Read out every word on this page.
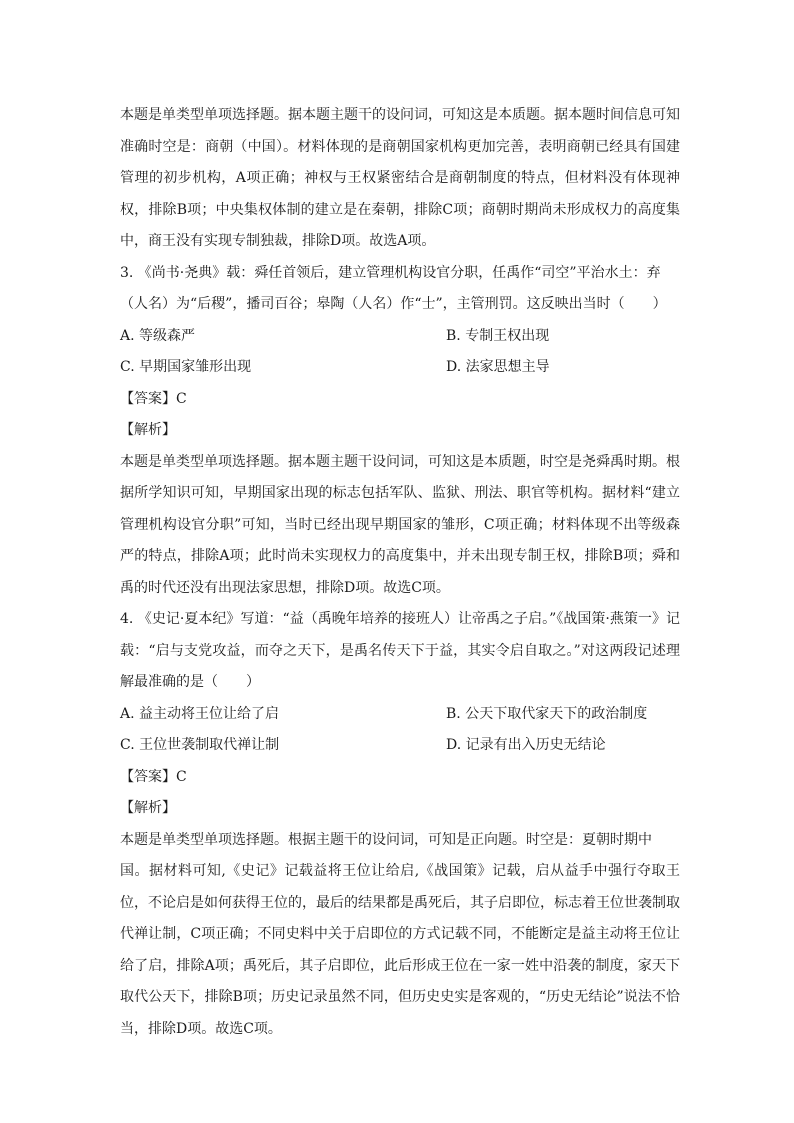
本题是单类型单项选择题。据本题主题干的设问词，可知这是本质题。据本题时间信息可知准确时空是：商朝（中国）。材料体现的是商朝国家机构更加完善，表明商朝已经具有国建管理的初步机构，A项正确；神权与王权紧密结合是商朝制度的特点，但材料没有体现神权，排除B项；中央集权体制的建立是在秦朝，排除C项；商朝时期尚未形成权力的高度集中，商王没有实现专制独裁，排除D项。故选A项。

3. 《尚书·尧典》载：舜任首领后，建立管理机构设官分职，任禹作“司空”平治水土：弃

（人名）为“后稷”，播司百谷；皋陶（人名）作“士”，主管刑罚。这反映出当时（　　）

A. 等级森严	B. 专制王权出现
C. 早期国家雏形出现	D. 法家思想主导

【答案】C

【解析】

本题是单类型单项选择题。据本题主题干设问词，可知这是本质题，时空是尧舜禹时期。根据所学知识可知，早期国家出现的标志包括军队、监狱、刑法、职官等机构。据材料“建立管理机构设官分职”可知，当时已经出现早期国家的雏形，C项正确；材料体现不出等级森严的特点，排除A项；此时尚未实现权力的高度集中，并未出现专制王权，排除B项；舜和禹的时代还没有出现法家思想，排除D项。故选C项。

4. 《史记·夏本纪》写道：“益（禹晚年培养的接班人）让帝禹之子启。”《战国策·燕策一》记载：“启与支党攻益，而夺之天下，是禹名传天下于益，其实令启自取之。”对这两段记述理解最准确的是（　　）

A. 益主动将王位让给了启	B. 公天下取代家天下的政治制度
C. 王位世袭制取代禅让制	D. 记录有出入历史无结论

【答案】C

【解析】

本题是单类型单项选择题。根据主题干的设问词，可知是正向题。时空是：夏朝时期中

国。据材料可知,《史记》记载益将王位让给启,《战国策》记载，启从益手中强行夺取王位，不论启是如何获得王位的，最后的结果都是禹死后，其子启即位，标志着王位世袭制取代禅让制，C项正确；不同史料中关于启即位的方式记载不同，不能断定是益主动将王位让给了启，排除A项；禹死后，其子启即位，此后形成王位在一家一姓中沿袭的制度，家天下取代公天下，排除B项；历史记录虽然不同，但历史史实是客观的，“历史无结论”说法不恰当，排除D项。故选C项。
